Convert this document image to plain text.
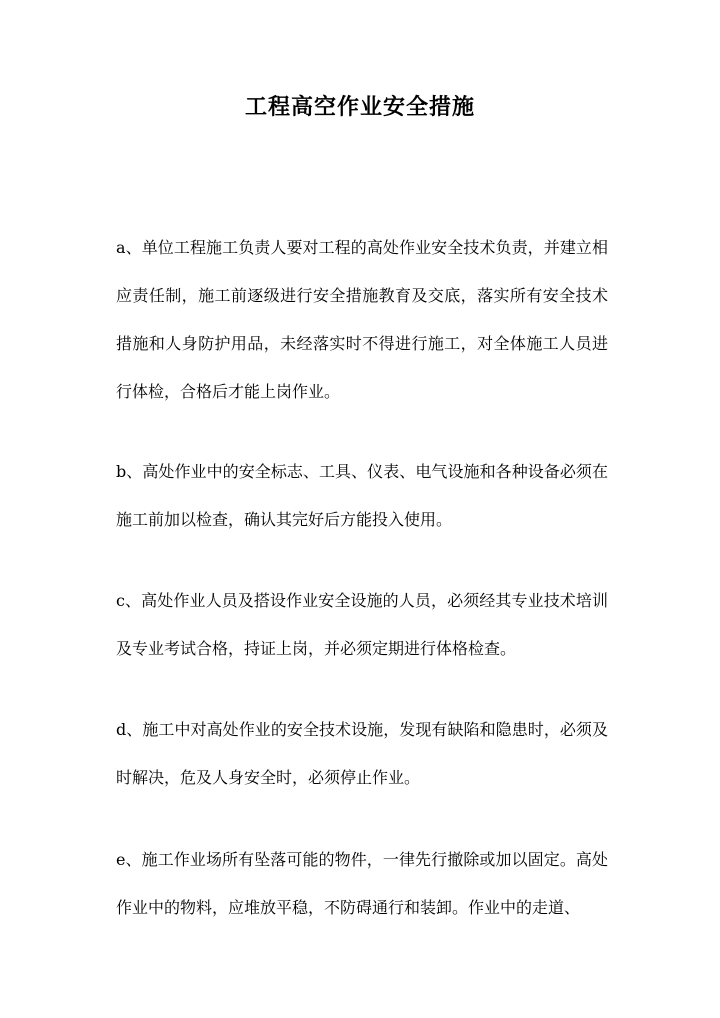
工程高空作业安全措施
a、单位工程施工负责人要对工程的高处作业安全技术负责，并建立相应责任制，施工前逐级进行安全措施教育及交底，落实所有安全技术措施和人身防护用品，未经落实时不得进行施工，对全体施工人员进行体检，合格后才能上岗作业。
b、高处作业中的安全标志、工具、仪表、电气设施和各种设备必须在施工前加以检查，确认其完好后方能投入使用。
c、高处作业人员及搭设作业安全设施的人员，必须经其专业技术培训及专业考试合格，持证上岗，并必须定期进行体格检查。
d、施工中对高处作业的安全技术设施，发现有缺陷和隐患时，必须及时解决，危及人身安全时，必须停止作业。
e、施工作业场所有坠落可能的物件，一律先行撤除或加以固定。高处作业中的物料，应堆放平稳，不防碍通行和装卸。作业中的走道、
